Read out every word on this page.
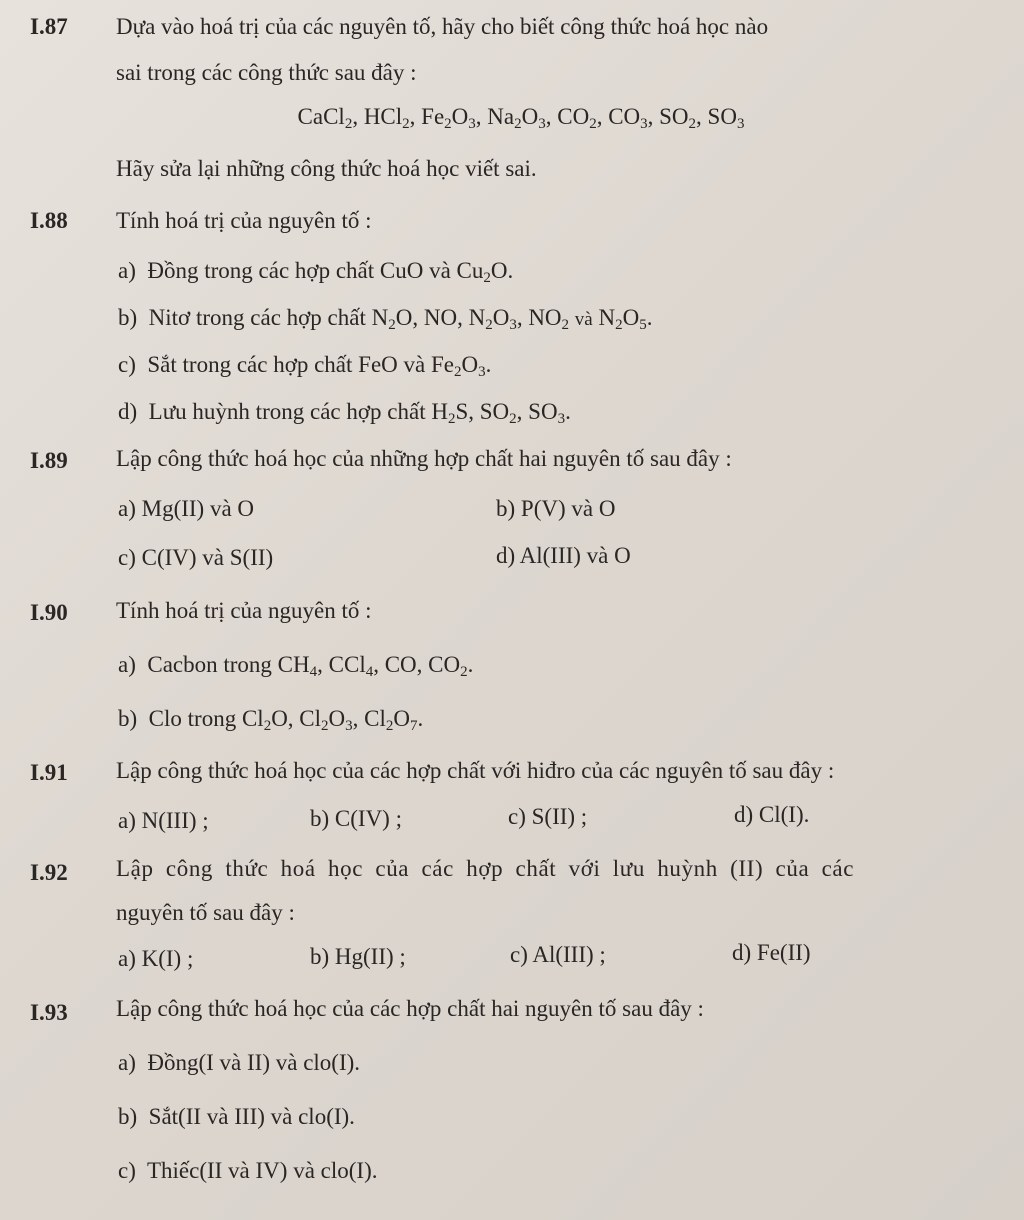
I.87 Dựa vào hoá trị của các nguyên tố, hãy cho biết công thức hoá học nào
sai trong các công thức sau đây :
CaCl$_2$, HCl$_2$, $Fe_2O_3$, $Na_2O_3$, $CO_2$, $CO_3$, $SO_2$, $SO_3$
Hãy sửa lại những công thức hoá học viết sai.
I.88 Tính hoá trị của nguyên tố :
a) Đồng trong các hợp chất CuO và $Cu_2O$.
b) Nitơ trong các hợp chất $N_2O$, NO, $N_2O_3$, $NO_2$ và $N_2O_5$.
c) Sắt trong các hợp chất FeO và $Fe_2O_3$.
d) Lưu huỳnh trong các hợp chất $H_2S$, $SO_2$, $SO_3$.
I.89 Lập công thức hoá học của những hợp chất hai nguyên tố sau đây :
a) Mg(II) và O	b) P(V) và O
c) C(IV) và S(II)	d) Al(III) và O
I.90 Tính hoá trị của nguyên tố :
a) Cacbon trong $CH_4$, CCl$_4$, CO, $CO_2$.
b) Clo trong $Cl_2O$, $Cl_2O_3$, $Cl_2O_7$.
I.91 Lập công thức hoá học của các hợp chất với hiđro của các nguyên tố sau đây :
a) N(III) ;	b) C(IV) ;	c) S(II) ;	d) Cl(I).
I.92 Lập công thức hoá học của các hợp chất với lưu huỳnh (II) của các
nguyên tố sau đây :
a) K(I) ;	b) Hg(II) ;	c) Al(III) ;	d) Fe(II)
I.93 Lập công thức hoá học của các hợp chất hai nguyên tố sau đây :
a) Đồng(I và II) và clo(I).
b) Sắt(II và III) và clo(I).
c) Thiếc(II và IV) và clo(I).
